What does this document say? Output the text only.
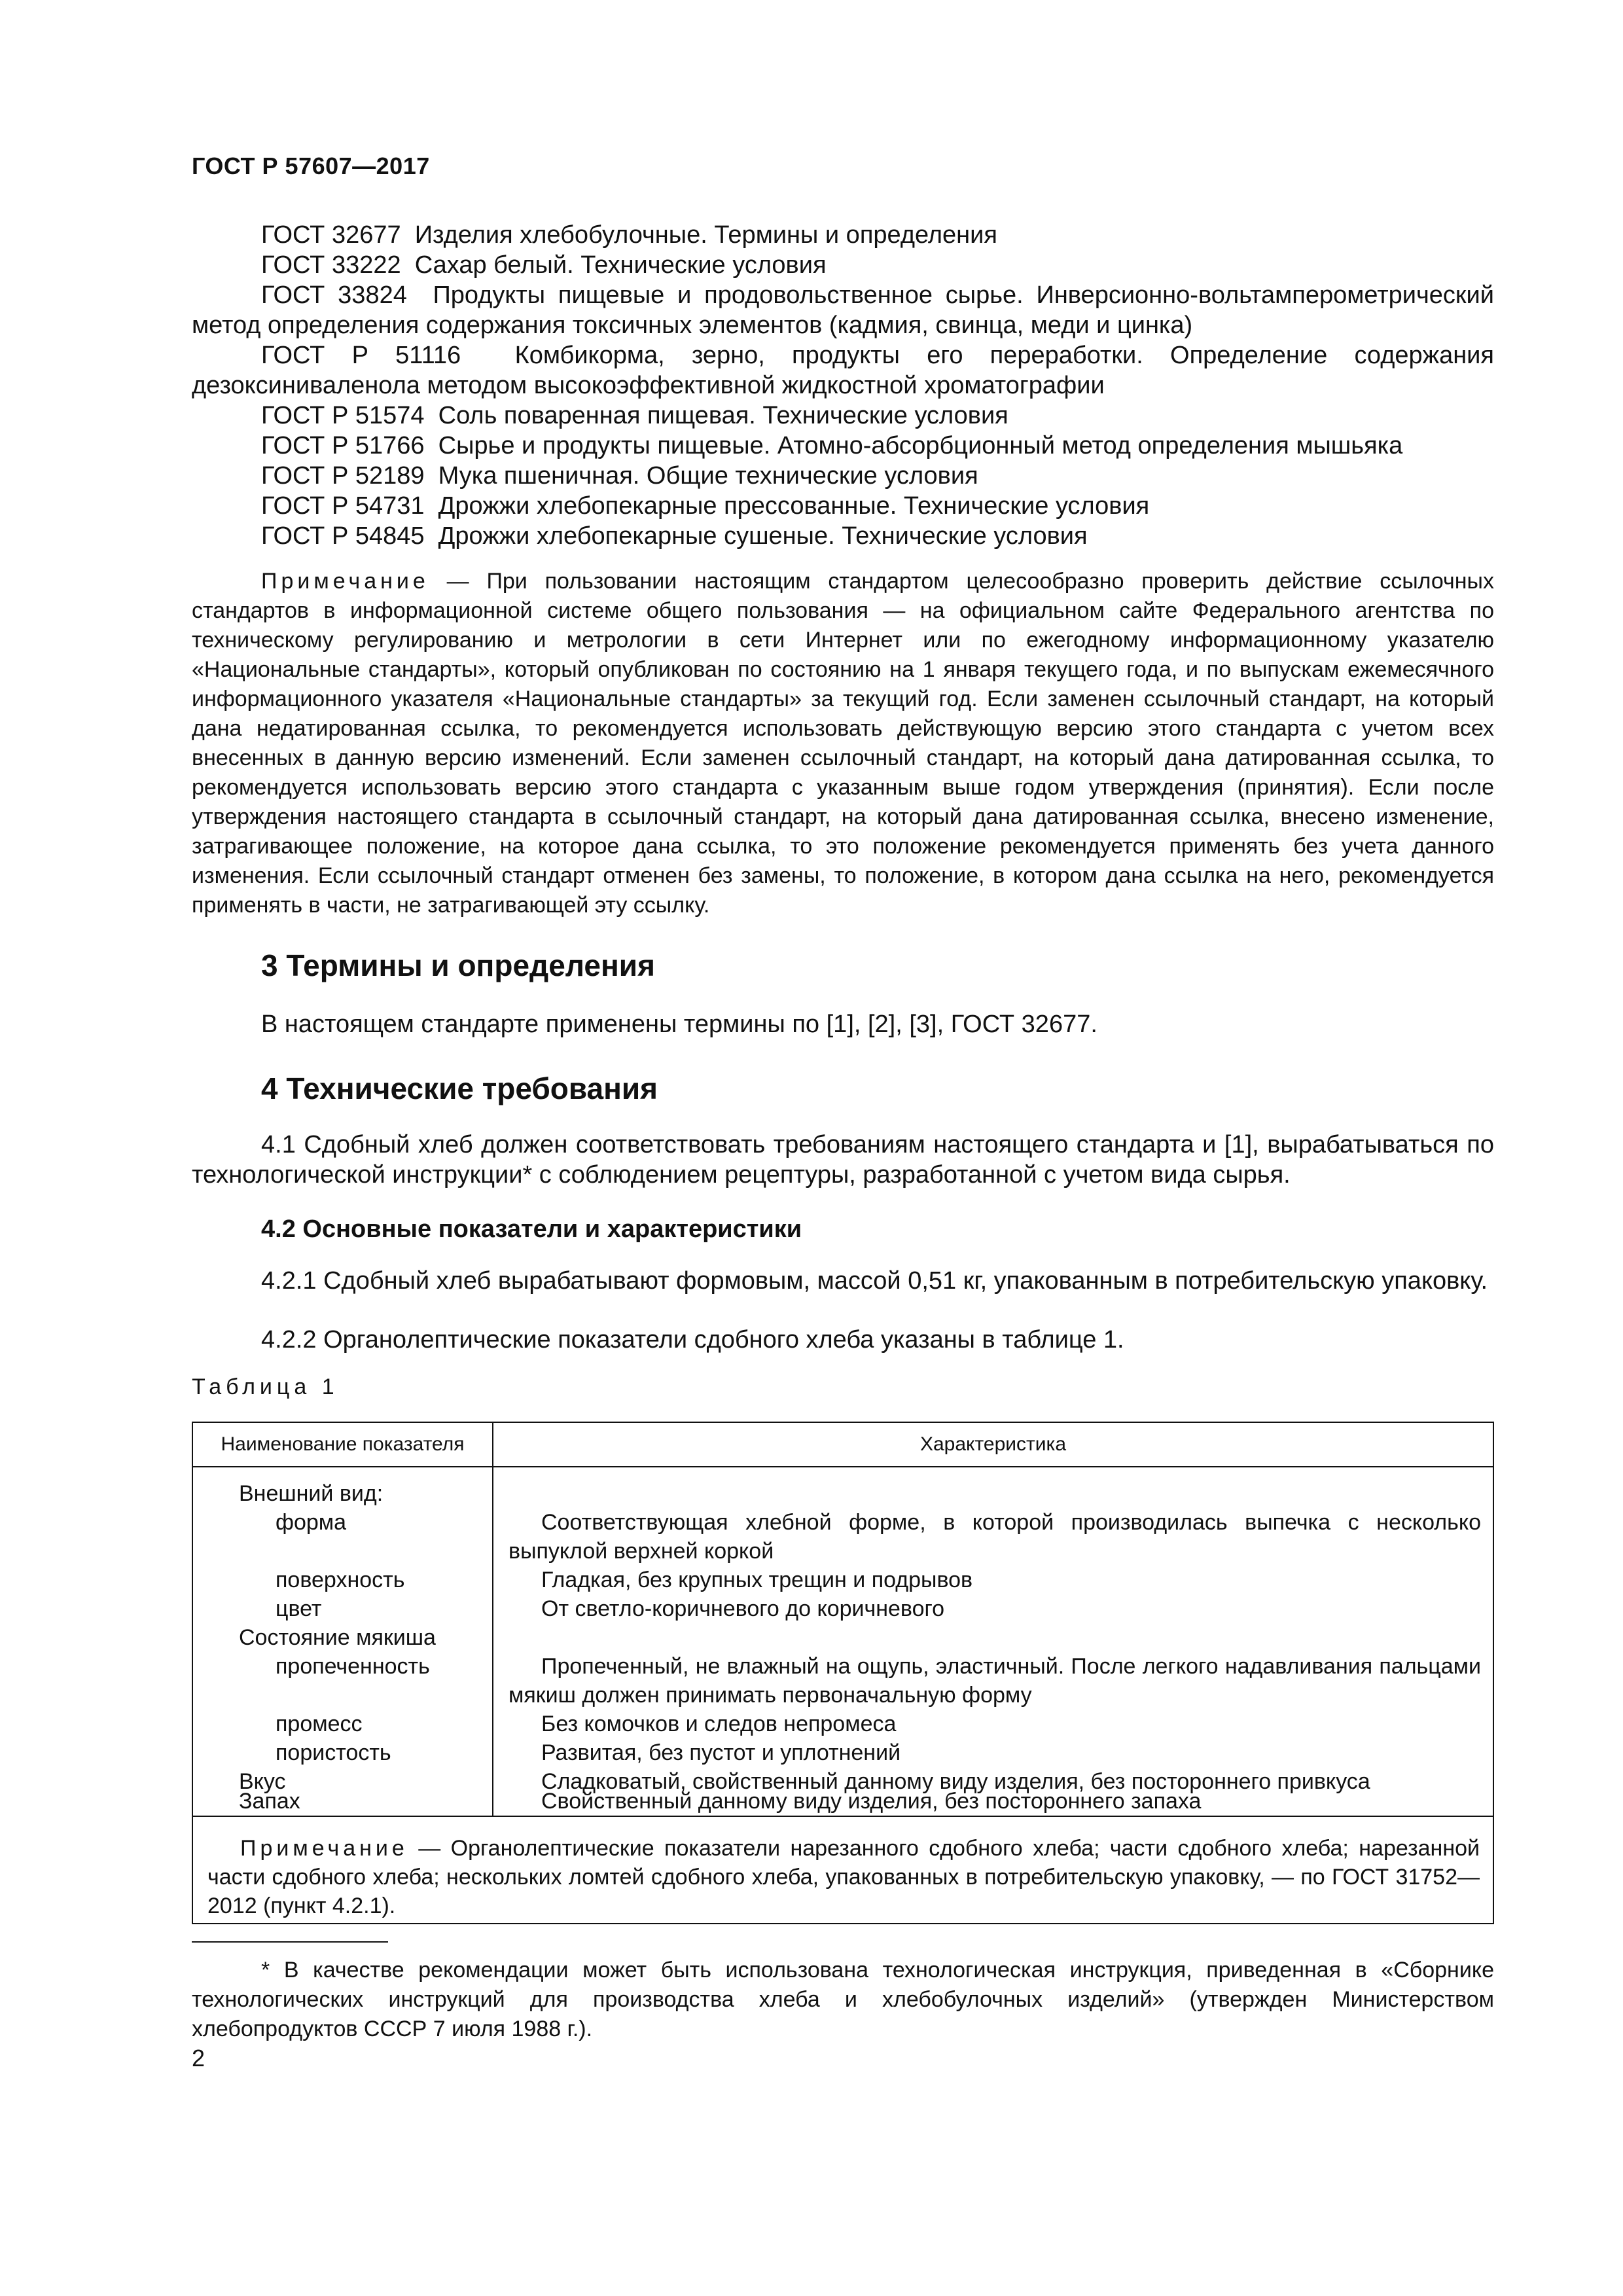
ГОСТ Р 57607—2017
ГОСТ 32677 Изделия хлебобулочные. Термины и определения
ГОСТ 33222 Сахар белый. Технические условия
ГОСТ 33824 Продукты пищевые и продовольственное сырье. Инверсионно-вольтамперометрический метод определения содержания токсичных элементов (кадмия, свинца, меди и цинка)
ГОСТ Р 51116 Комбикорма, зерно, продукты его переработки. Определение содержания дезоксиниваленола методом высокоэффективной жидкостной хроматографии
ГОСТ Р 51574 Соль поваренная пищевая. Технические условия
ГОСТ Р 51766 Сырье и продукты пищевые. Атомно-абсорбционный метод определения мышьяка
ГОСТ Р 52189 Мука пшеничная. Общие технические условия
ГОСТ Р 54731 Дрожжи хлебопекарные прессованные. Технические условия
ГОСТ Р 54845 Дрожжи хлебопекарные сушеные. Технические условия
Примечание — При пользовании настоящим стандартом целесообразно проверить действие ссылочных стандартов в информационной системе общего пользования — на официальном сайте Федерального агентства по техническому регулированию и метрологии в сети Интернет или по ежегодному информационному указателю «Национальные стандарты», который опубликован по состоянию на 1 января текущего года, и по выпускам ежемесячного информационного указателя «Национальные стандарты» за текущий год. Если заменен ссылочный стандарт, на который дана недатированная ссылка, то рекомендуется использовать действующую версию этого стандарта с учетом всех внесенных в данную версию изменений. Если заменен ссылочный стандарт, на который дана датированная ссылка, то рекомендуется использовать версию этого стандарта с указанным выше годом утверждения (принятия). Если после утверждения настоящего стандарта в ссылочный стандарт, на который дана датированная ссылка, внесено изменение, затрагивающее положение, на которое дана ссылка, то это положение рекомендуется применять без учета данного изменения. Если ссылочный стандарт отменен без замены, то положение, в котором дана ссылка на него, рекомендуется применять в части, не затрагивающей эту ссылку.
3 Термины и определения
В настоящем стандарте применены термины по [1], [2], [3], ГОСТ 32677.
4 Технические требования
4.1 Сдобный хлеб должен соответствовать требованиям настоящего стандарта и [1], вырабатываться по технологической инструкции* с соблюдением рецептуры, разработанной с учетом вида сырья.
4.2 Основные показатели и характеристики
4.2.1 Сдобный хлеб вырабатывают формовым, массой 0,51 кг, упакованным в потребительскую упаковку.
4.2.2 Органолептические показатели сдобного хлеба указаны в таблице 1.
Таблица 1
Наименование показателя	Характеристика
Внешний вид:
форма	Соответствующая хлебной форме, в которой производилась выпечка с несколько выпуклой верхней коркой
поверхность	Гладкая, без крупных трещин и подрывов
цвет	От светло-коричневого до коричневого
Состояние мякиша
пропеченность	Пропеченный, не влажный на ощупь, эластичный. После легкого надавливания пальцами мякиш должен принимать первоначальную форму
промесс	Без комочков и следов непромеса
пористость	Развитая, без пустот и уплотнений
Вкус	Сладковатый, свойственный данному виду изделия, без постороннего привкуса
Запах	Свойственный данному виду изделия, без постороннего запаха
Примечание — Органолептические показатели нарезанного сдобного хлеба; части сдобного хлеба; нарезанной части сдобного хлеба; нескольких ломтей сдобного хлеба, упакованных в потребительскую упаковку, — по ГОСТ 31752—2012 (пункт 4.2.1).
* В качестве рекомендации может быть использована технологическая инструкция, приведенная в «Сборнике технологических инструкций для производства хлеба и хлебобулочных изделий» (утвержден Министерством хлебопродуктов СССР 7 июля 1988 г.).
2
